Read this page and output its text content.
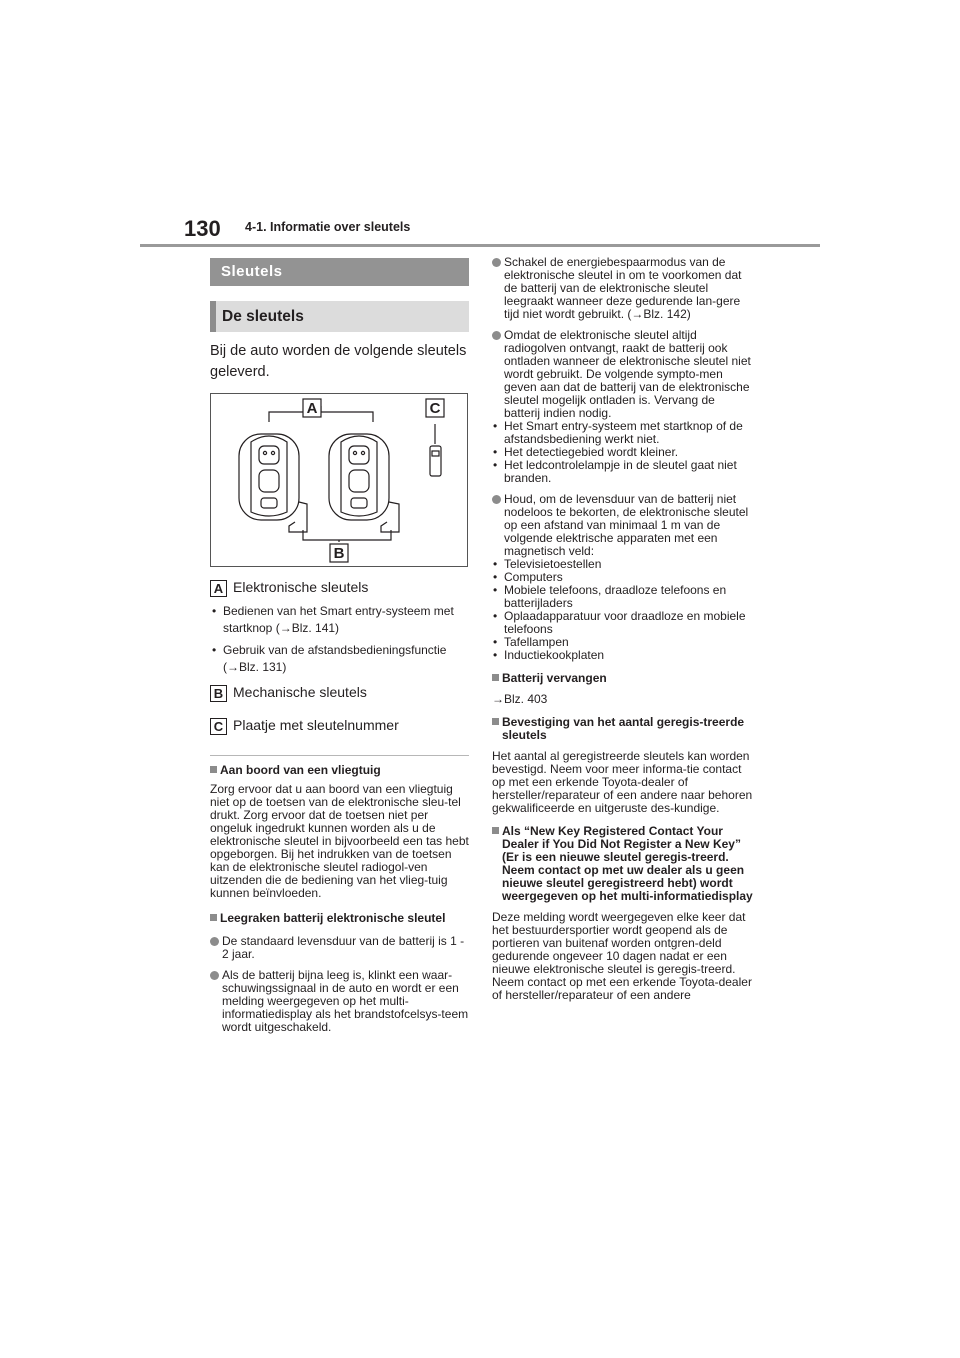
130 4-1. Informatie over sleutels
Sleutels
De sleutels
Bij de auto worden de volgende sleutels geleverd.
A	C
B
A Elektronische sleutels
• Bedienen van het Smart entry-systeem met startknop (→Blz. 141)
• Gebruik van de afstandsbedieningsfunctie (→Blz. 131)
B Mechanische sleutels
C Plaatje met sleutelnummer
Aan boord van een vliegtuig
Zorg ervoor dat u aan boord van een vliegtuig niet op de toetsen van de elektronische sleu-tel drukt. Zorg ervoor dat de toetsen niet per ongeluk ingedrukt kunnen worden als u de elektronische sleutel in bijvoorbeeld een tas hebt opgeborgen. Bij het indrukken van de toetsen kan de elektronische sleutel radiogol-ven uitzenden die de bediening van het vlieg-tuig kunnen beïnvloeden.
Leegraken batterij elektronische sleutel
De standaard levensduur van de batterij is 1 - 2 jaar.
Als de batterij bijna leeg is, klinkt een waar-schuwingssignaal in de auto en wordt er een melding weergegeven op het multi-informatiedisplay als het brandstofcelsys-teem wordt uitgeschakeld.
Schakel de energiebespaarmodus van de elektronische sleutel in om te voorkomen dat de batterij van de elektronische sleutel leegraakt wanneer deze gedurende lan-gere tijd niet wordt gebruikt. (→Blz. 142)
Omdat de elektronische sleutel altijd radiogolven ontvangt, raakt de batterij ook ontladen wanneer de elektronische sleutel niet wordt gebruikt. De volgende sympto-men geven aan dat de batterij van de elektronische sleutel mogelijk ontladen is. Vervang de batterij indien nodig.
• Het Smart entry-systeem met startknop of de afstandsbediening werkt niet.
• Het detectiegebied wordt kleiner.
• Het ledcontrolelampje in de sleutel gaat niet branden.
Houd, om de levensduur van de batterij niet nodeloos te bekorten, de elektronische sleutel op een afstand van minimaal 1 m van de volgende elektrische apparaten met een magnetisch veld:
• Televisietoestellen
• Computers
• Mobiele telefoons, draadloze telefoons en batterijladers
• Oplaadapparatuur voor draadloze en mobiele telefoons
• Tafellampen
• Inductiekookplaten
Batterij vervangen
→Blz. 403
Bevestiging van het aantal geregis-treerde sleutels
Het aantal al geregistreerde sleutels kan worden bevestigd. Neem voor meer informa-tie contact op met een erkende Toyota-dealer of hersteller/reparateur of een andere naar behoren gekwalificeerde en uitgeruste des-kundige.
Als “New Key Registered Contact Your Dealer if You Did Not Register a New Key” (Er is een nieuwe sleutel geregis-treerd. Neem contact op met uw dealer als u geen nieuwe sleutel geregistreerd hebt) wordt weergegeven op het multi-informatiedisplay
Deze melding wordt weergegeven elke keer dat het bestuurdersportier wordt geopend als de portieren van buitenaf worden ontgren-deld gedurende ongeveer 10 dagen nadat er een nieuwe elektronische sleutel is geregis-treerd.
Neem contact op met een erkende Toyota-dealer of hersteller/reparateur of een andere
